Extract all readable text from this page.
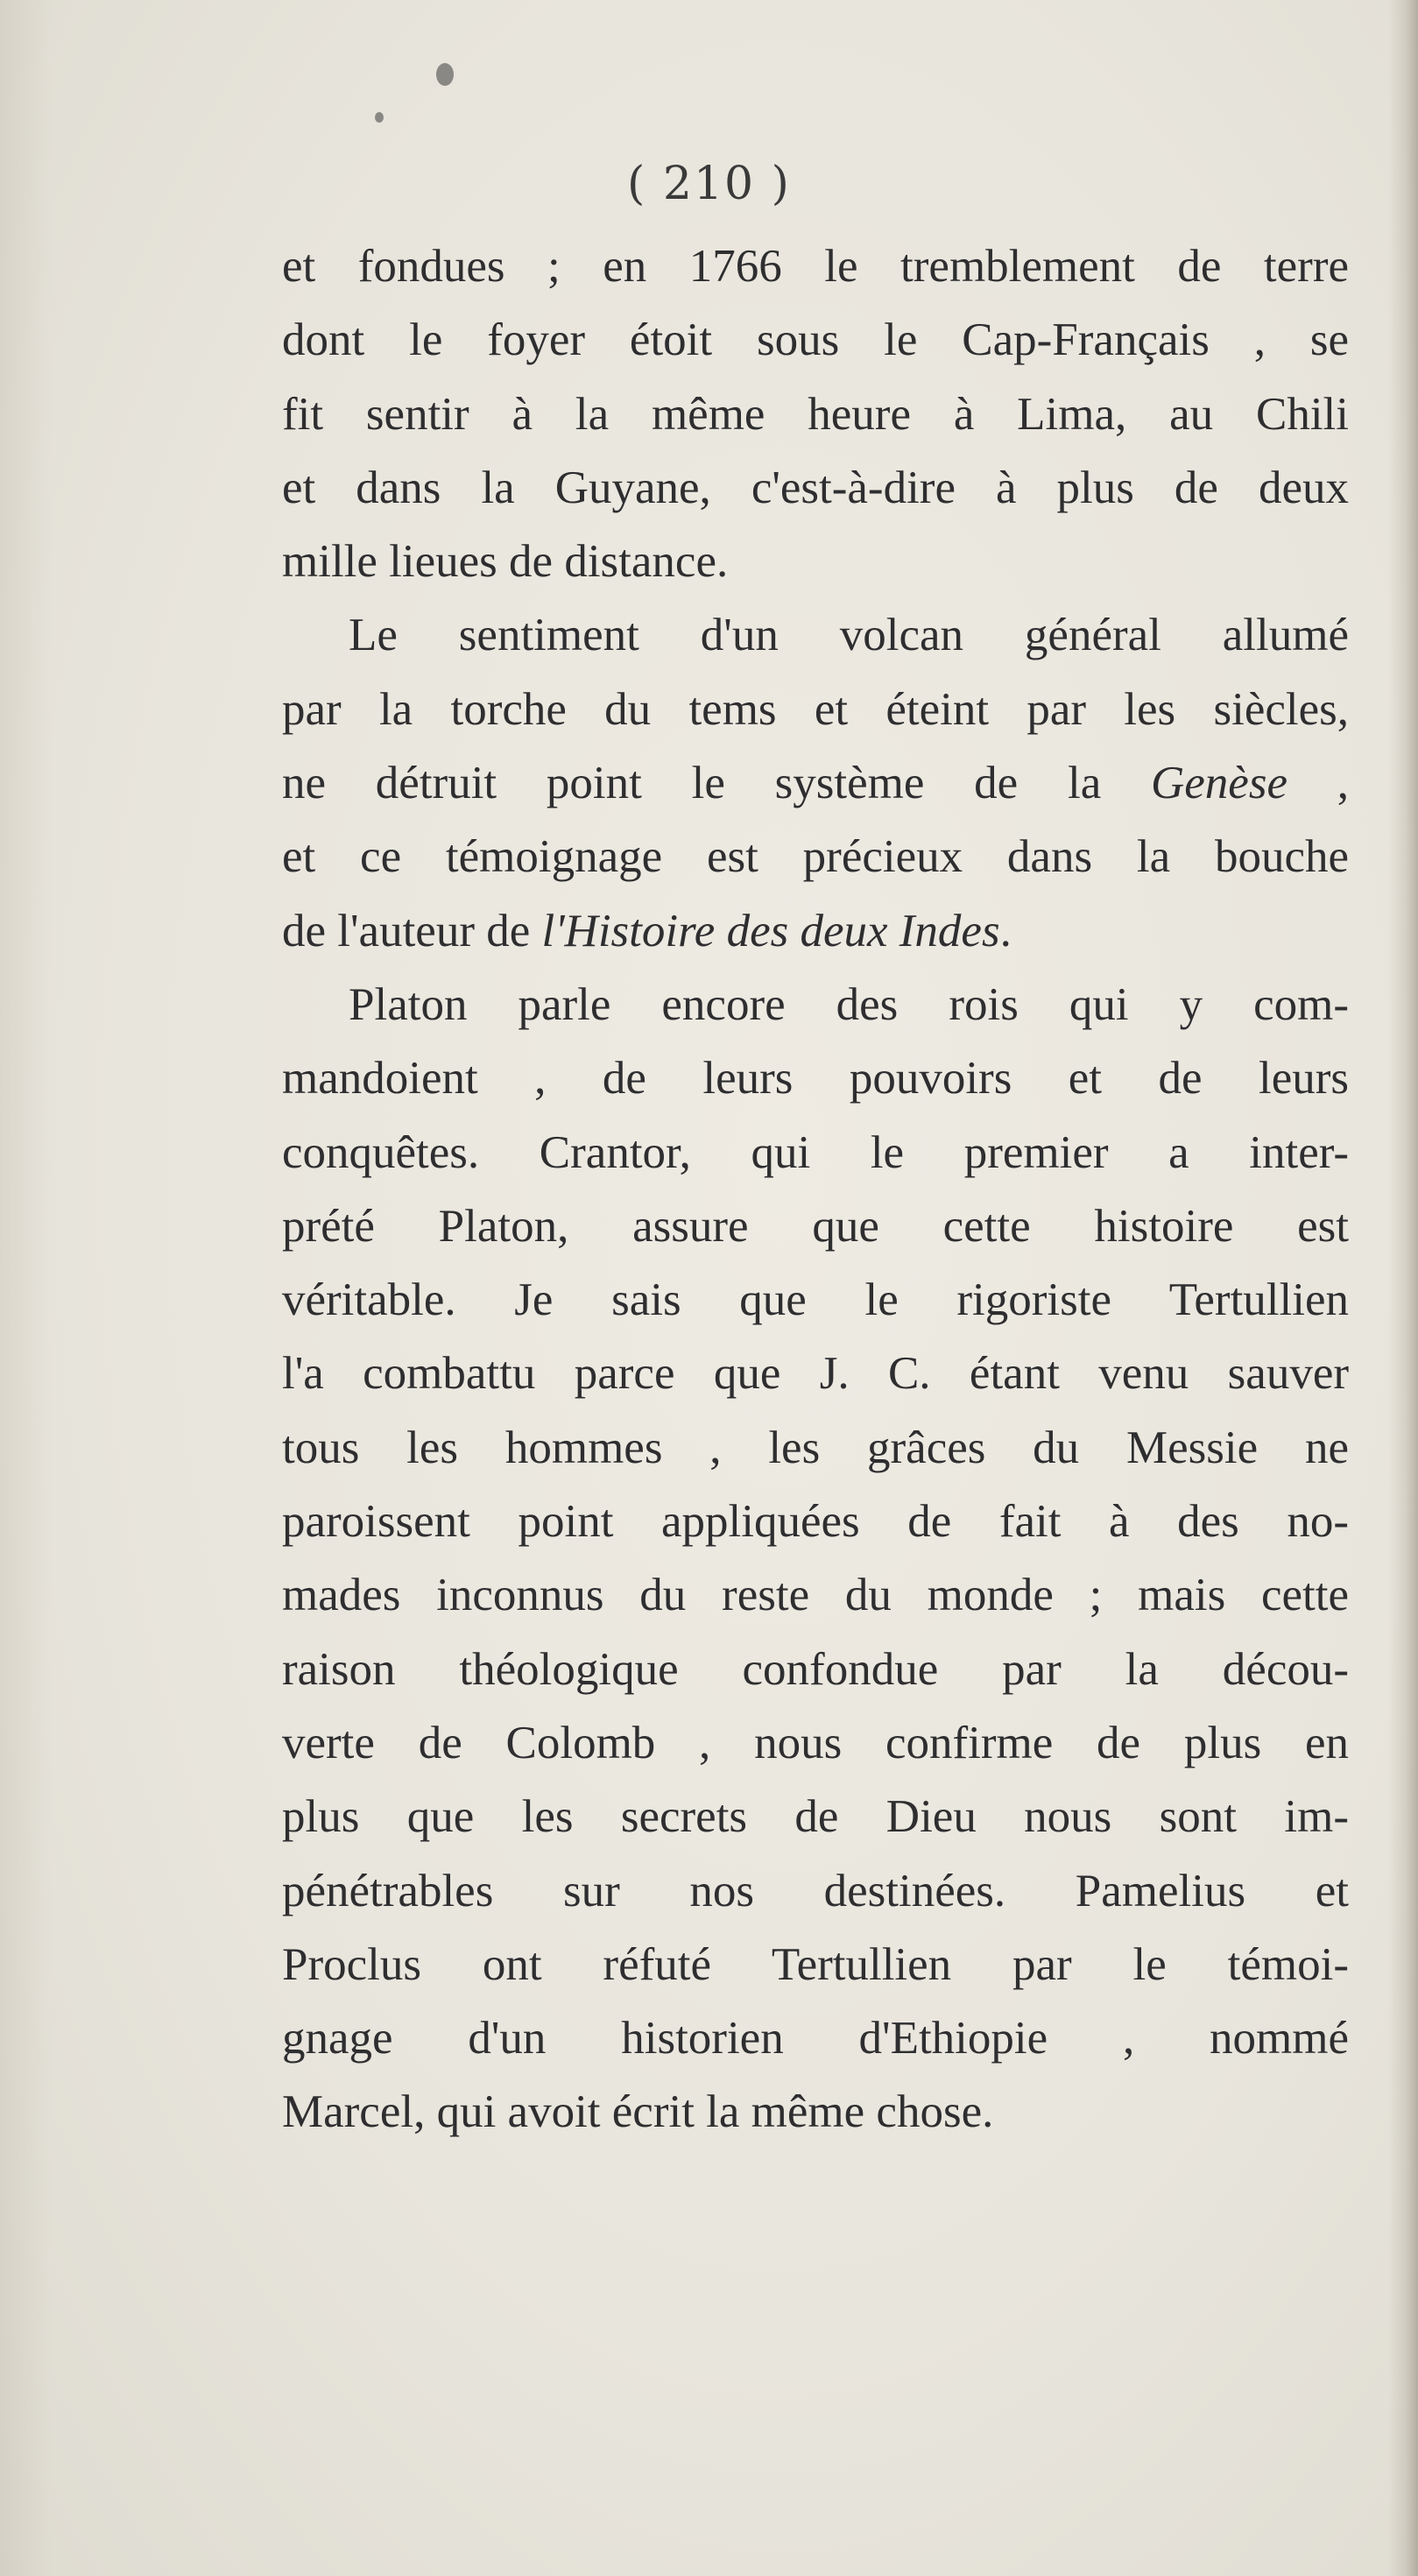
( 210 )
et fondues ; en 1766 le tremblement de terre
dont le foyer étoit sous le Cap-Français , se
fit sentir à la même heure à Lima, au Chili
et dans la Guyane, c'est-à-dire à plus de deux
mille lieues de distance.
Le sentiment d'un volcan général allumé
par la torche du tems et éteint par les siècles,
ne détruit point le système de la Genèse ,
et ce témoignage est précieux dans la bouche
de l'auteur de l'Histoire des deux Indes.
Platon parle encore des rois qui y com-
mandoient , de leurs pouvoirs et de leurs
conquêtes. Crantor, qui le premier a inter-
prété Platon, assure que cette histoire est
véritable. Je sais que le rigoriste Tertullien
l'a combattu parce que J. C. étant venu sauver
tous les hommes , les grâces du Messie ne
paroissent point appliquées de fait à des no-
mades inconnus du reste du monde ; mais cette
raison théologique confondue par la décou-
verte de Colomb , nous confirme de plus en
plus que les secrets de Dieu nous sont im-
pénétrables sur nos destinées. Pamelius et
Proclus ont réfuté Tertullien par le témoi-
gnage d'un historien d'Ethiopie , nommé
Marcel, qui avoit écrit la même chose.
